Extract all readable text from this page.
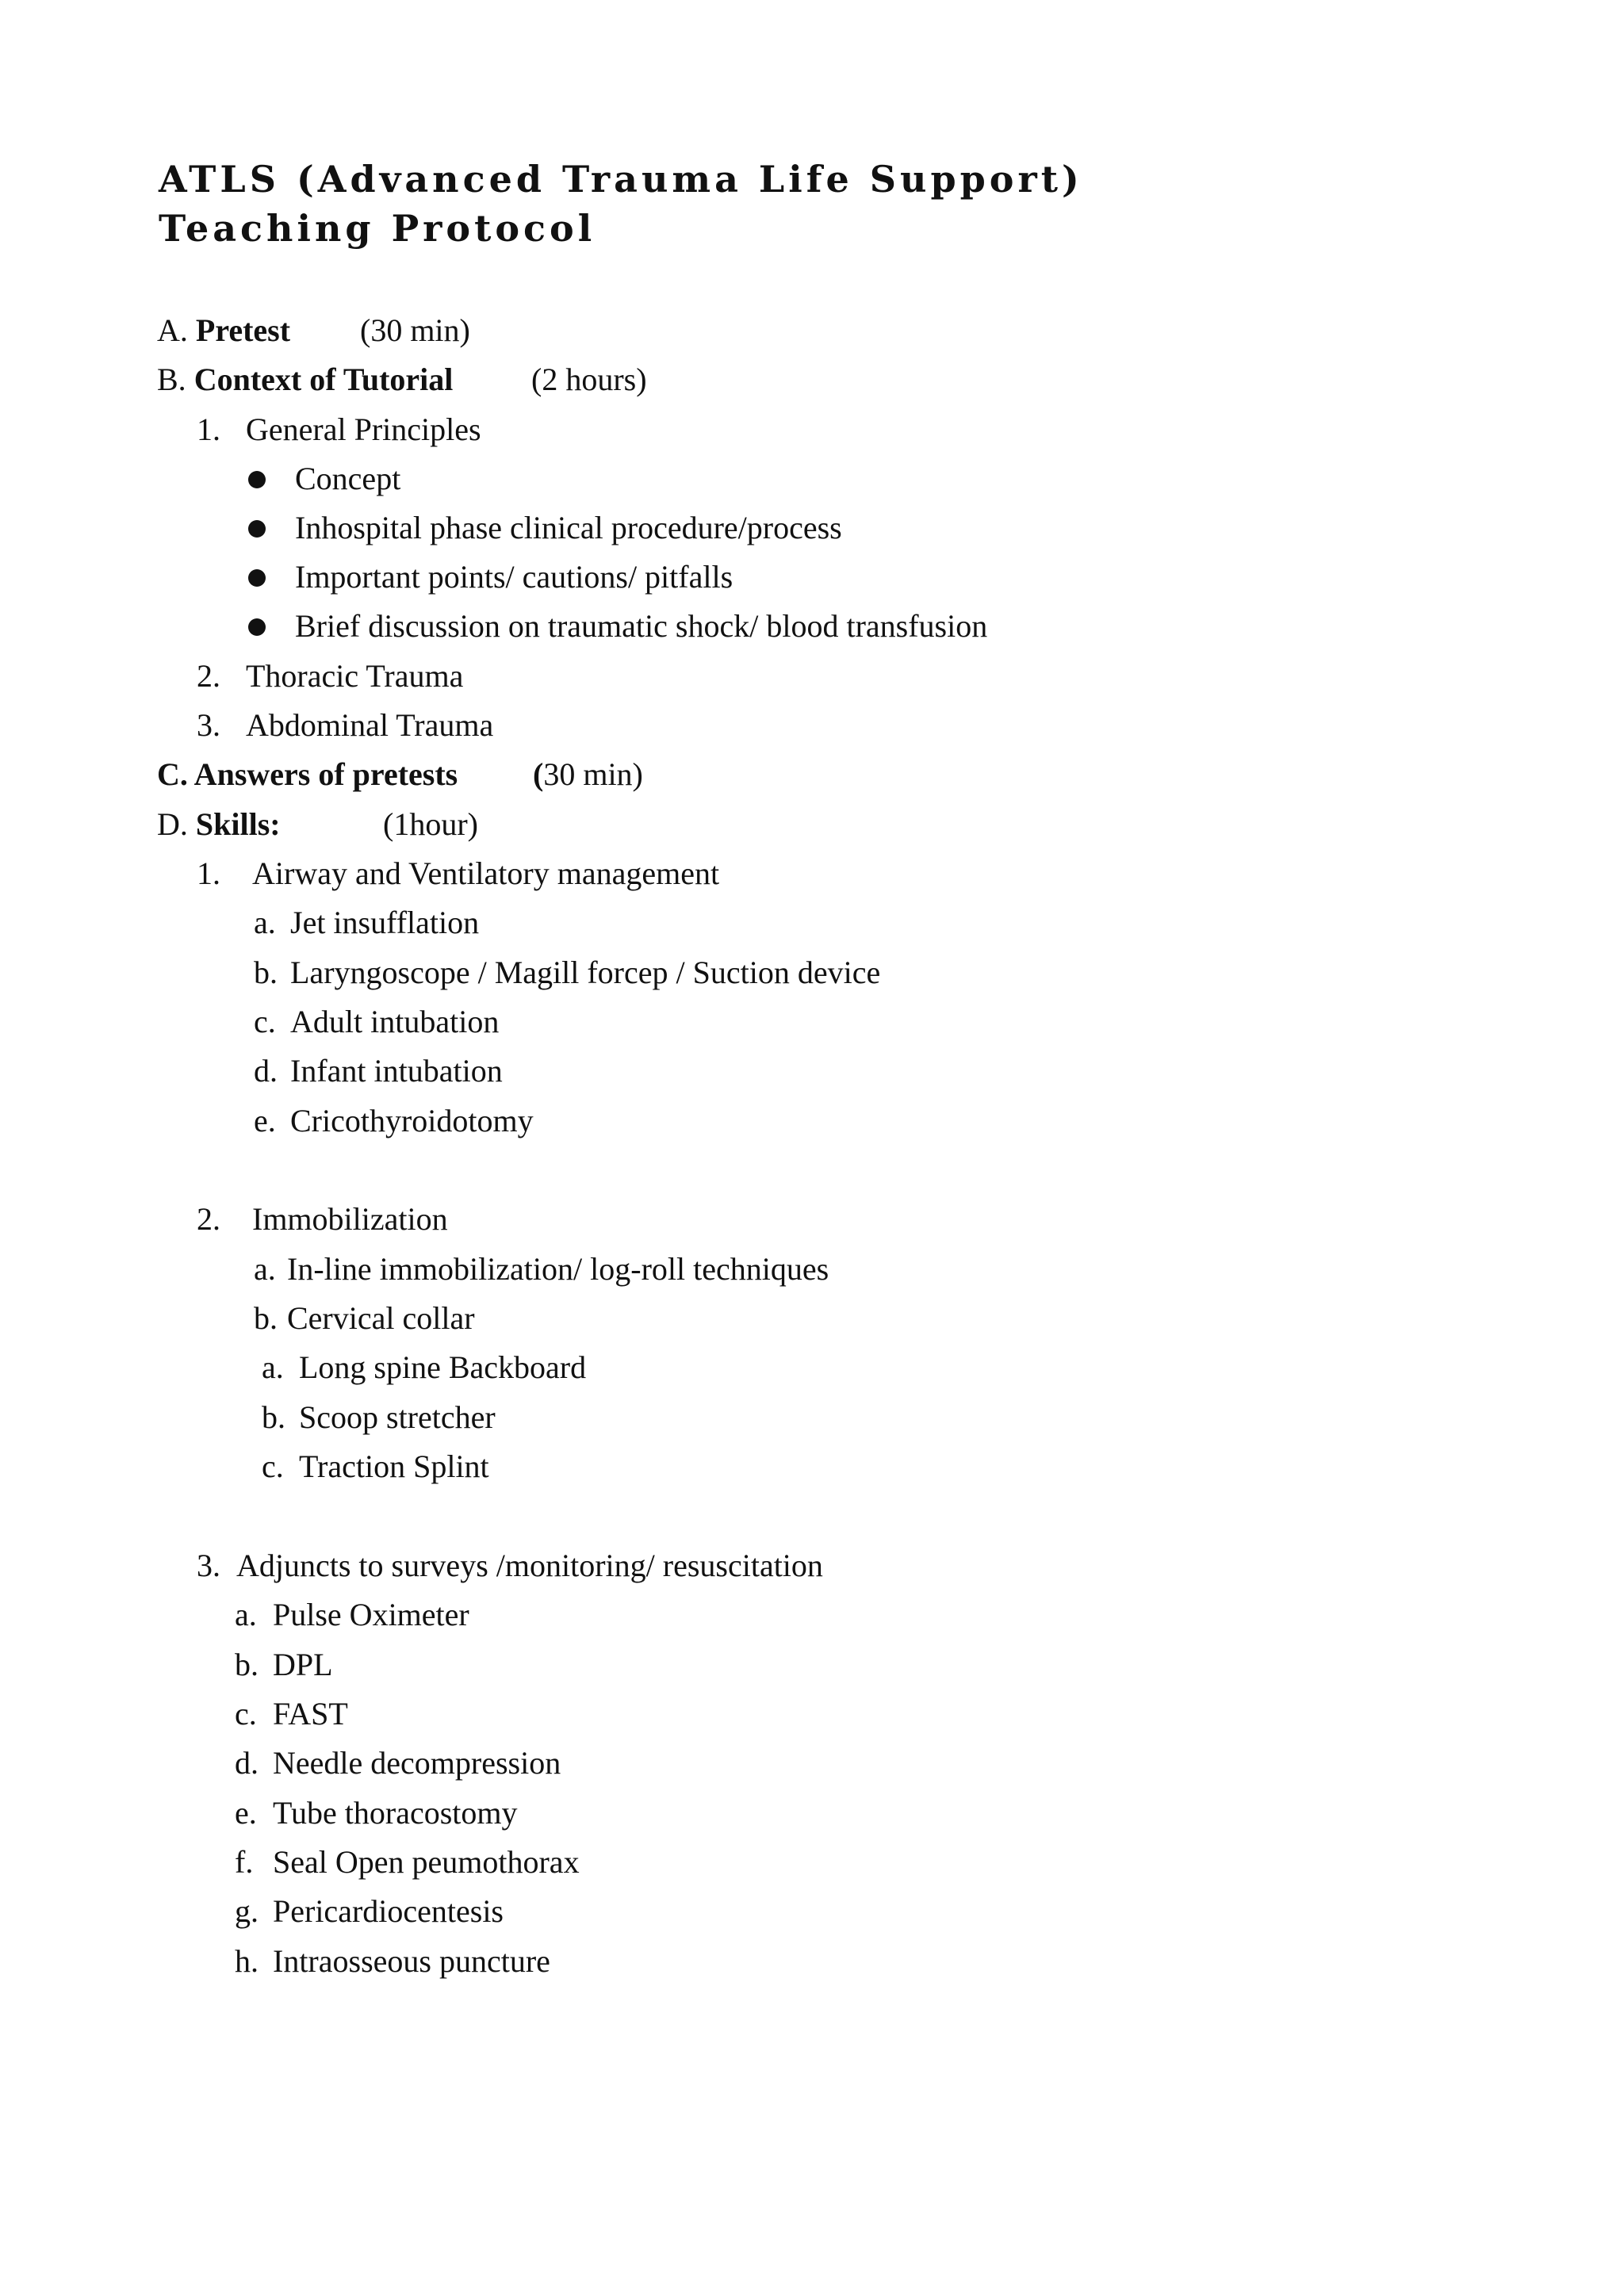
ATLS (Advanced Trauma Life Support)
Teaching Protocol
A. Pretest (30 min)
B. Context of Tutorial (2 hours)
1. General Principles
Concept
Inhospital phase clinical procedure/process
Important points/ cautions/ pitfalls
Brief discussion on traumatic shock/ blood transfusion
2. Thoracic Trauma
3. Abdominal Trauma
C. Answers of pretests (30 min)
D. Skills:	(1hour)
1. Airway and Ventilatory management
a. Jet insufflation
b. Laryngoscope / Magill forcep / Suction device
c. Adult intubation
d. Infant intubation
e. Cricothyroidotomy
2. Immobilization
a. In-line immobilization/ log-roll techniques
b. Cervical collar
a. Long spine Backboard
b. Scoop stretcher
c. Traction Splint
3. Adjuncts to surveys /monitoring/ resuscitation
a. Pulse Oximeter
b. DPL
c. FAST
d. Needle decompression
e. Tube thoracostomy
f. Seal Open peumothorax
g. Pericardiocentesis
h. Intraosseous puncture
